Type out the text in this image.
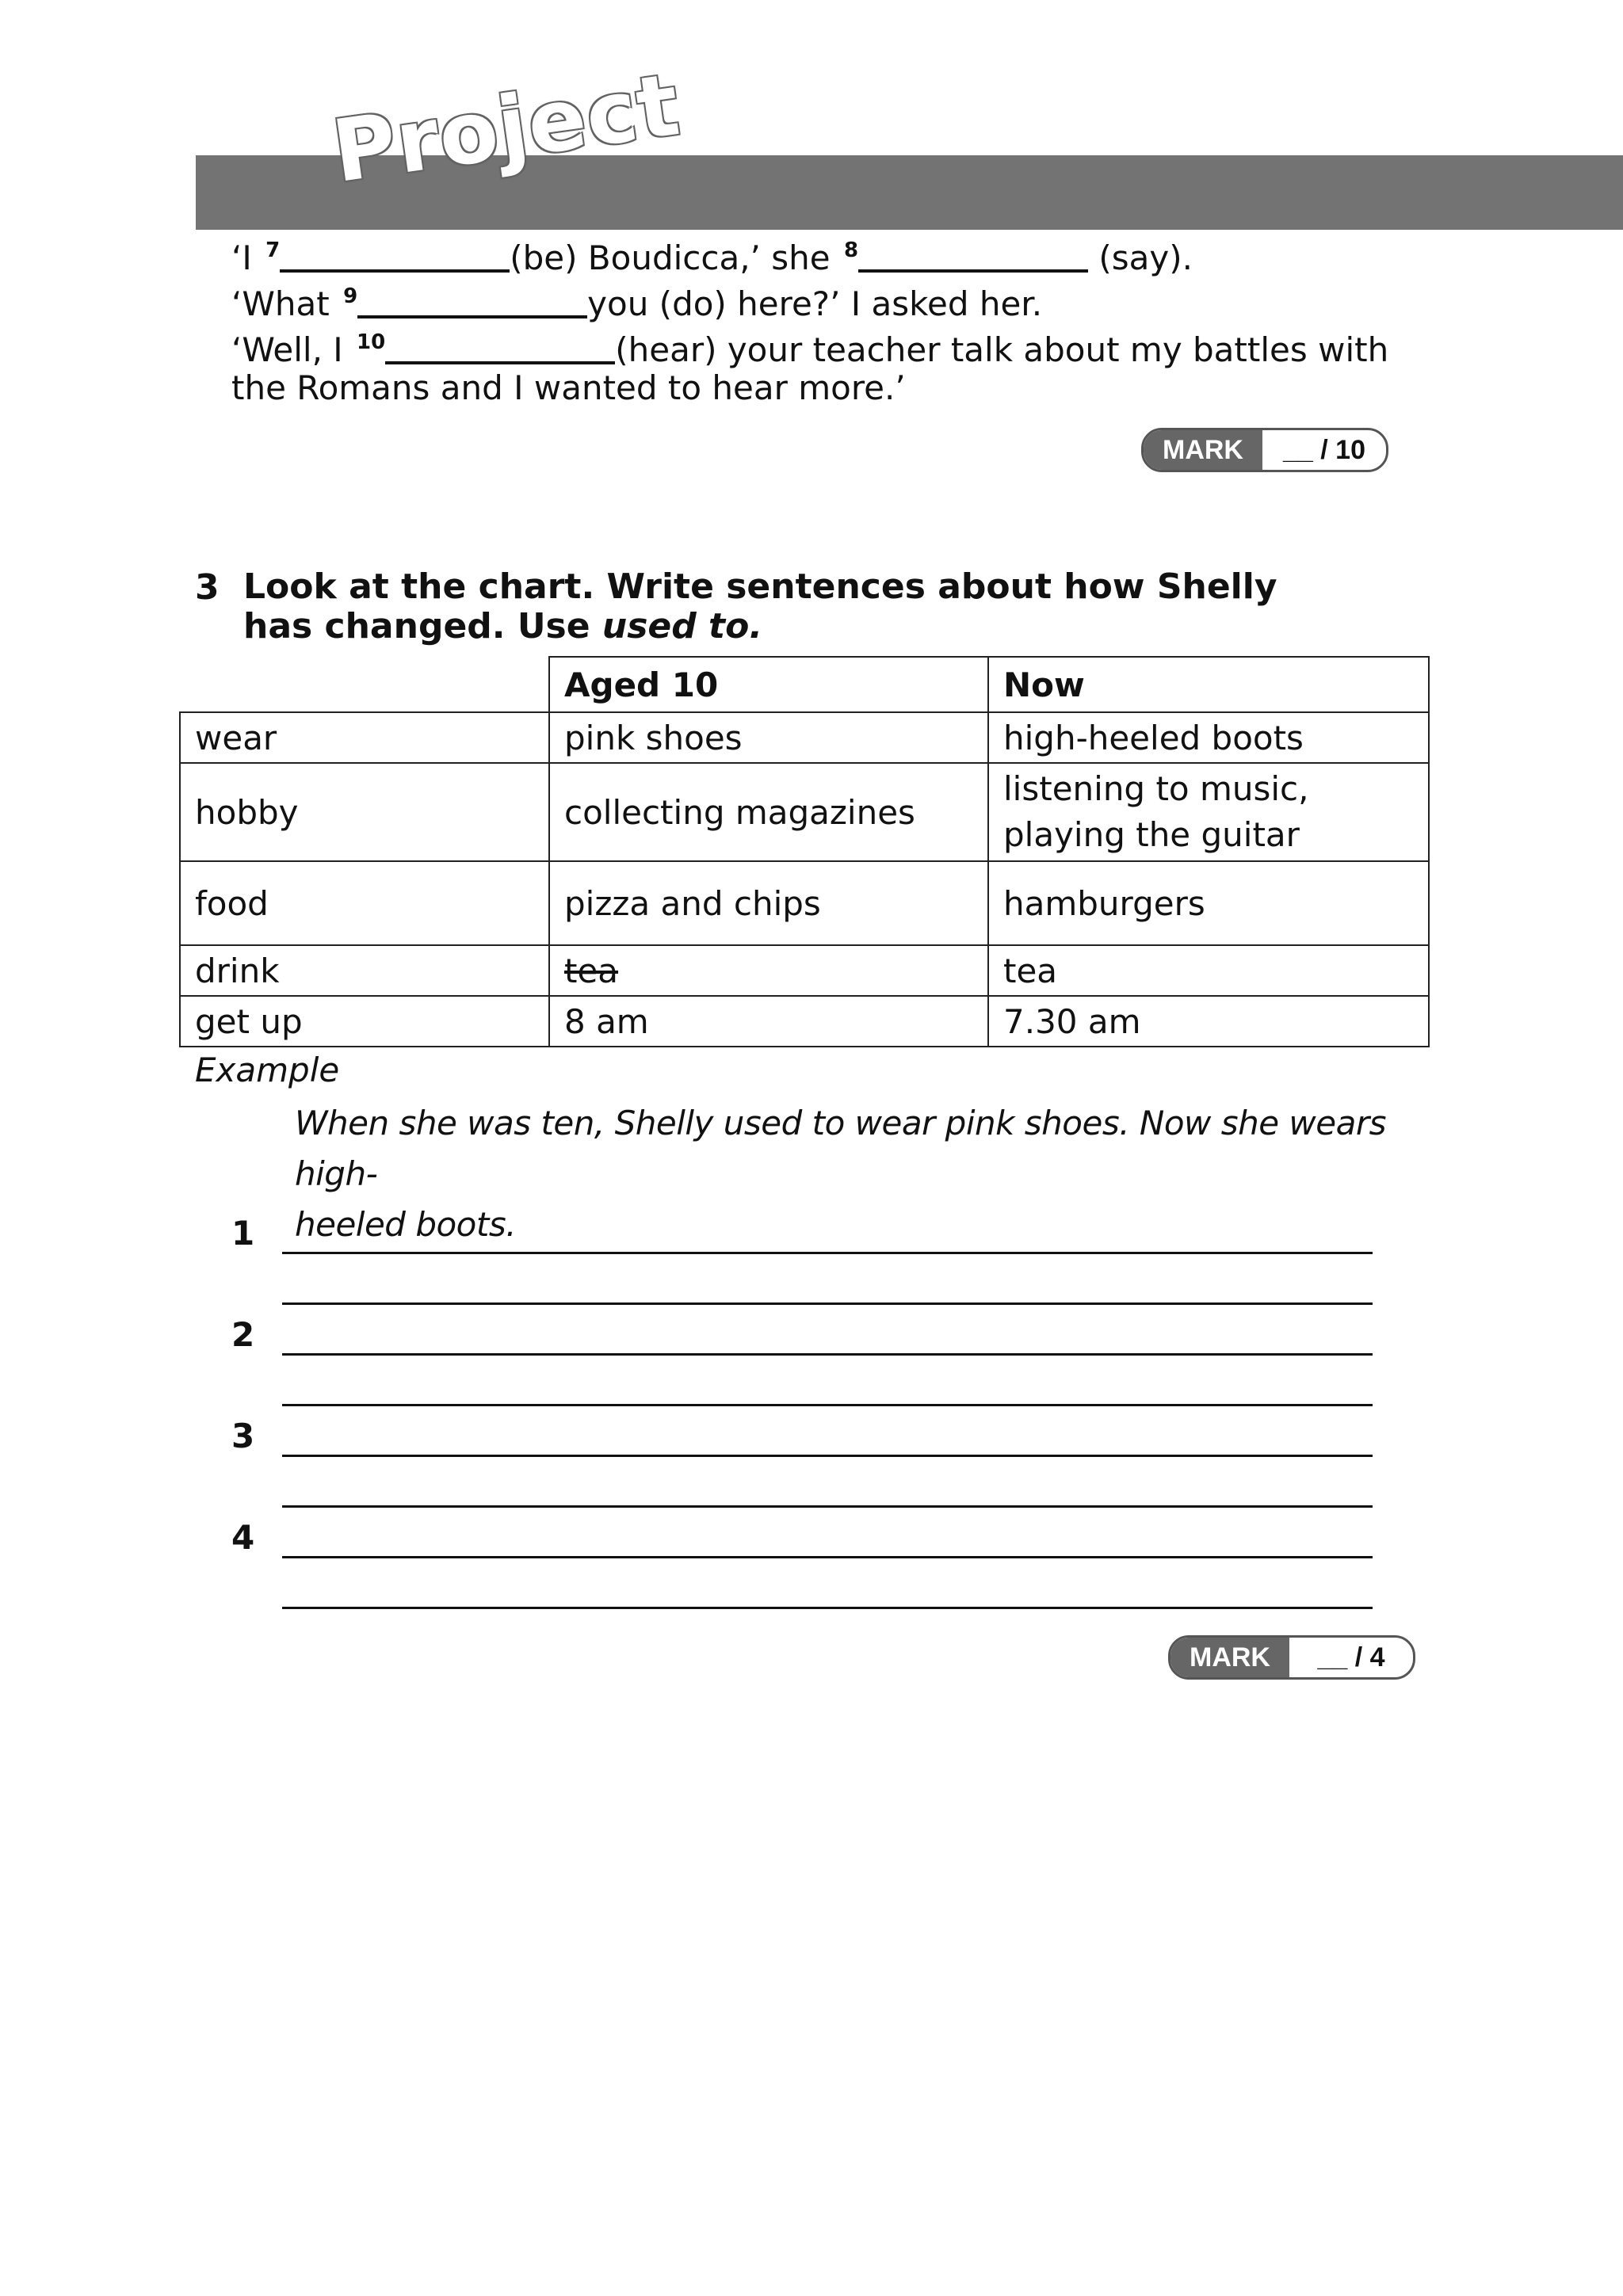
Project
‘I $^7$	(be) Boudicca,’ she $^8$	(say).
‘What $^9$	you (do) here?’ I asked her.
‘Well, I $^{10}$	(hear) your teacher talk about my battles with
the Romans and I wanted to hear more.’
MARK	__ / 10
3 Look at the chart. Write sentences about how Shelly has changed. Use used to.
	Aged 10	Now
wear	pink shoes	high-heeled boots
hobby	collecting magazines	listening to music,
playing the guitar

food	pizza and chips	hamburgers
drink	tea	tea
get up	8 am	7.30 am
Example
When she was ten, Shelly used to wear pink shoes. Now she wears high-
heeled boots.
1
2
3
4
MARK	__ / 4
